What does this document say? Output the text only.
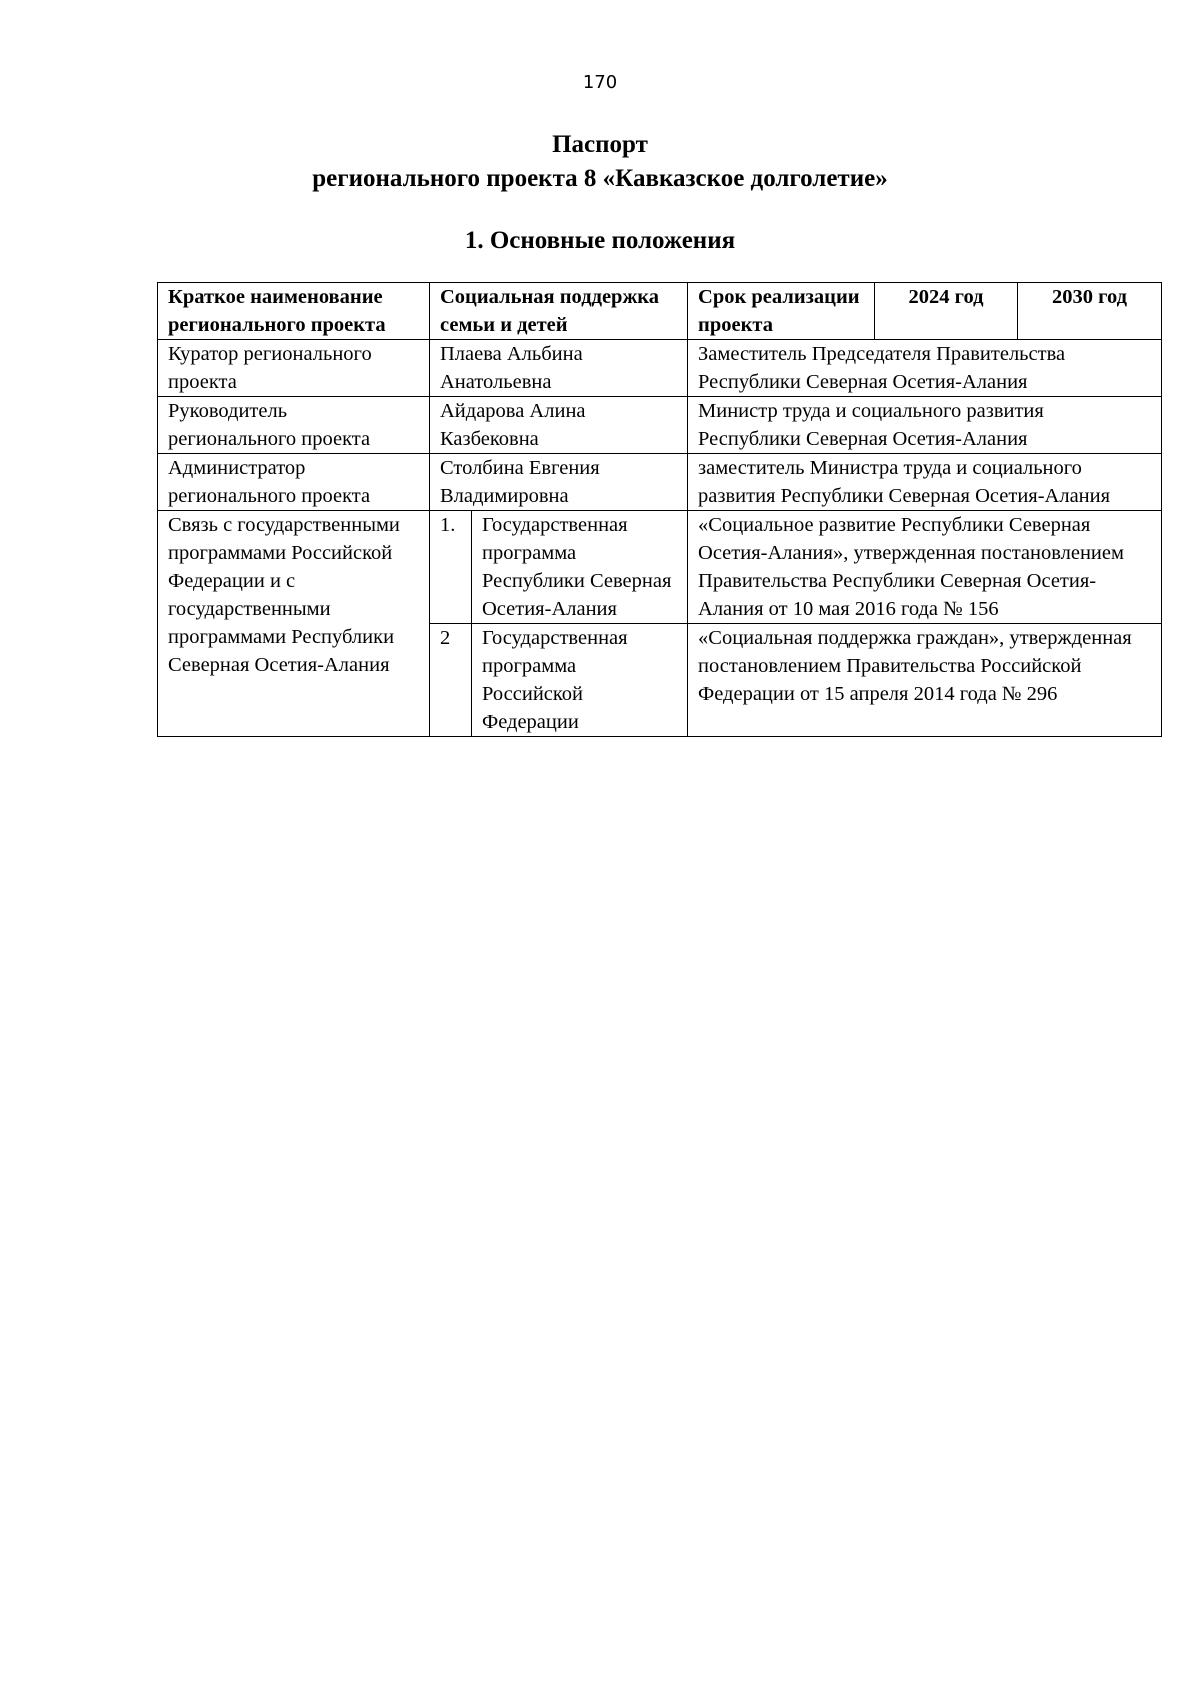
170
Паспорт
регионального проекта 8 «Кавказское долголетие»
1. Основные положения
Краткое наименование регионального проекта	Социальная поддержка семьи и детей		Срок реализации проекта	2024 год	2030 год
Куратор регионального проекта	Плаева Альбина Анатольевна		Заместитель Председателя Правительства Республики Северная Осетия-Алания		
Руководитель регионального проекта	Айдарова Алина Казбековна		Министр труда и социального развития Республики Северная Осетия-Алания		
Администратор регионального проекта	Столбина Евгения Владимировна		заместитель Министра труда и социального развития Республики Северная Осетия-Алания		
Связь с государственными программами Российской Федерации и с государственными программами Республики Северная Осетия-Алания	1.	Государственная программа Республики Северная Осетия-Алания	«Социальное развитие Республики Северная Осетия-Алания», утвержденная постановлением Правительства Республики Северная Осетия-Алания от 10 мая 2016 года № 156		
	2	Государственная программа Российской Федерации	«Социальная поддержка граждан», утвержденная постановлением Правительства Российской Федерации от 15 апреля 2014 года № 296		
